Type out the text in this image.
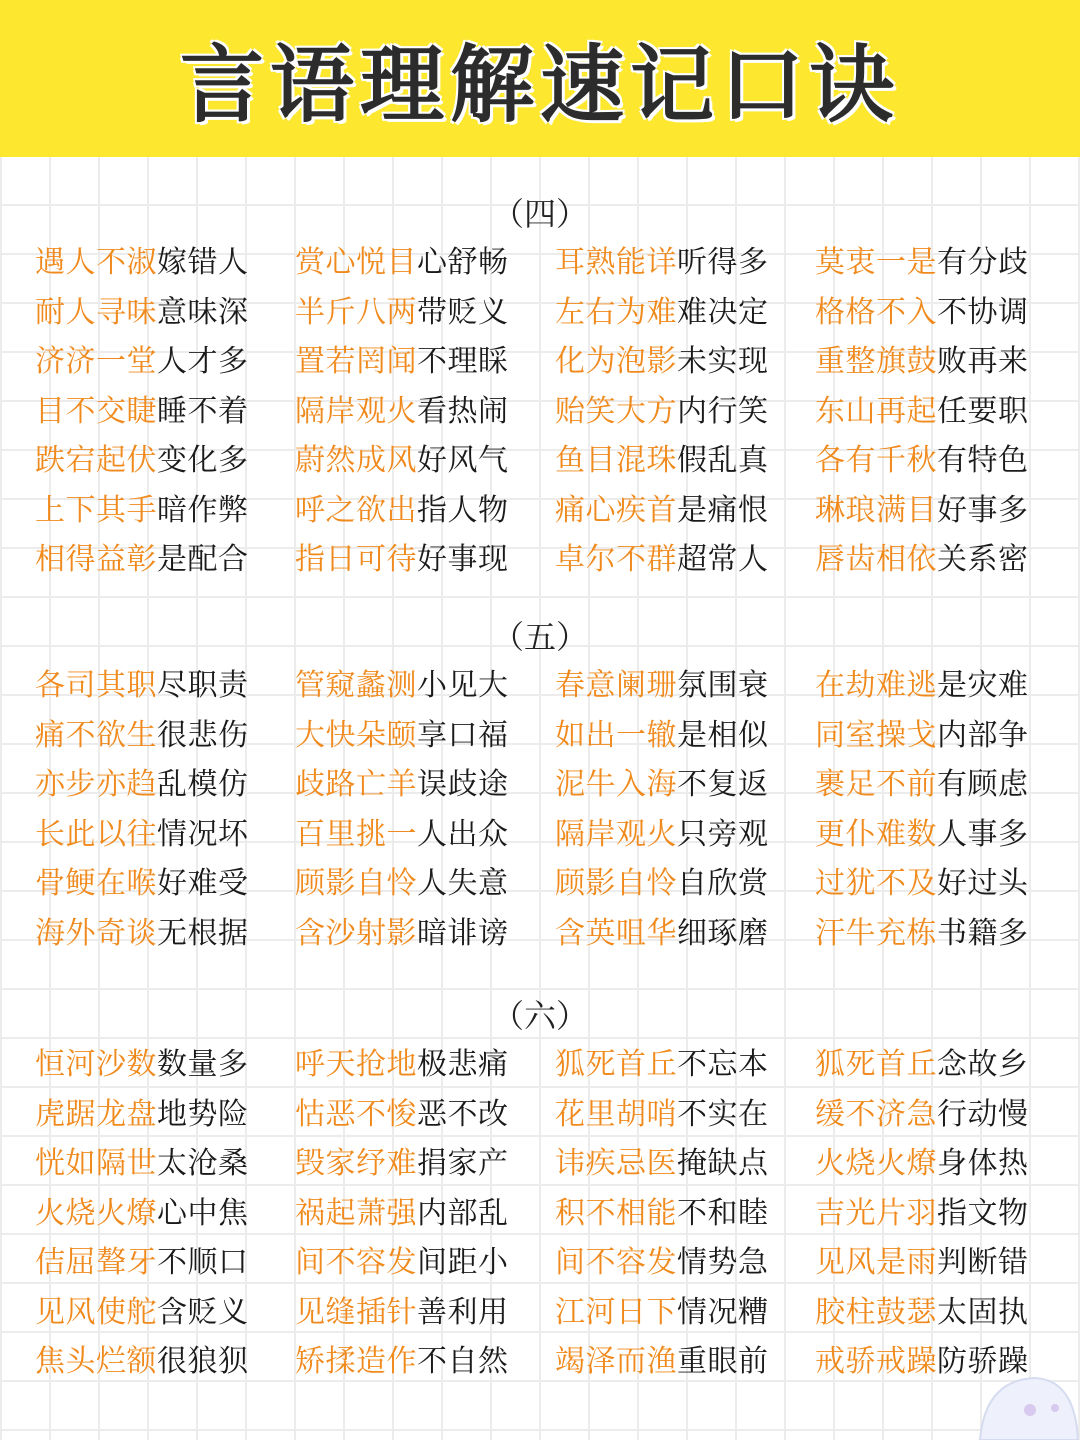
言语理解速记口诀
（四）
遇人不淑嫁错人	赏心悦目心舒畅	耳熟能详听得多	莫衷一是有分歧
耐人寻味意味深	半斤八两带贬义	左右为难难决定	格格不入不协调
济济一堂人才多	置若罔闻不理睬	化为泡影未实现	重整旗鼓败再来
目不交睫睡不着	隔岸观火看热闹	贻笑大方内行笑	东山再起任要职
跌宕起伏变化多	蔚然成风好风气	鱼目混珠假乱真	各有千秋有特色
上下其手暗作弊	呼之欲出指人物	痛心疾首是痛恨	琳琅满目好事多
相得益彰是配合	指日可待好事现	卓尔不群超常人	唇齿相依关系密
（五）
各司其职尽职责	管窥蠡测小见大	春意阑珊氛围衰	在劫难逃是灾难
痛不欲生很悲伤	大快朵颐享口福	如出一辙是相似	同室操戈内部争
亦步亦趋乱模仿	歧路亡羊误歧途	泥牛入海不复返	裹足不前有顾虑
长此以往情况坏	百里挑一人出众	隔岸观火只旁观	更仆难数人事多
骨鲠在喉好难受	顾影自怜人失意	顾影自怜自欣赏	过犹不及好过头
海外奇谈无根据	含沙射影暗诽谤	含英咀华细琢磨	汗牛充栋书籍多
（六）
恒河沙数数量多	呼天抢地极悲痛	狐死首丘不忘本	狐死首丘念故乡
虎踞龙盘地势险	怙恶不悛恶不改	花里胡哨不实在	缓不济急行动慢
恍如隔世太沧桑	毁家纾难捐家产	讳疾忌医掩缺点	火烧火燎身体热
火烧火燎心中焦	祸起萧强内部乱	积不相能不和睦	吉光片羽指文物
佶屈聱牙不顺口	间不容发间距小	间不容发情势急	见风是雨判断错
见风使舵含贬义	见缝插针善利用	江河日下情况糟	胶柱鼓瑟太固执
焦头烂额很狼狈	矫揉造作不自然	竭泽而渔重眼前	戒骄戒躁防骄躁
